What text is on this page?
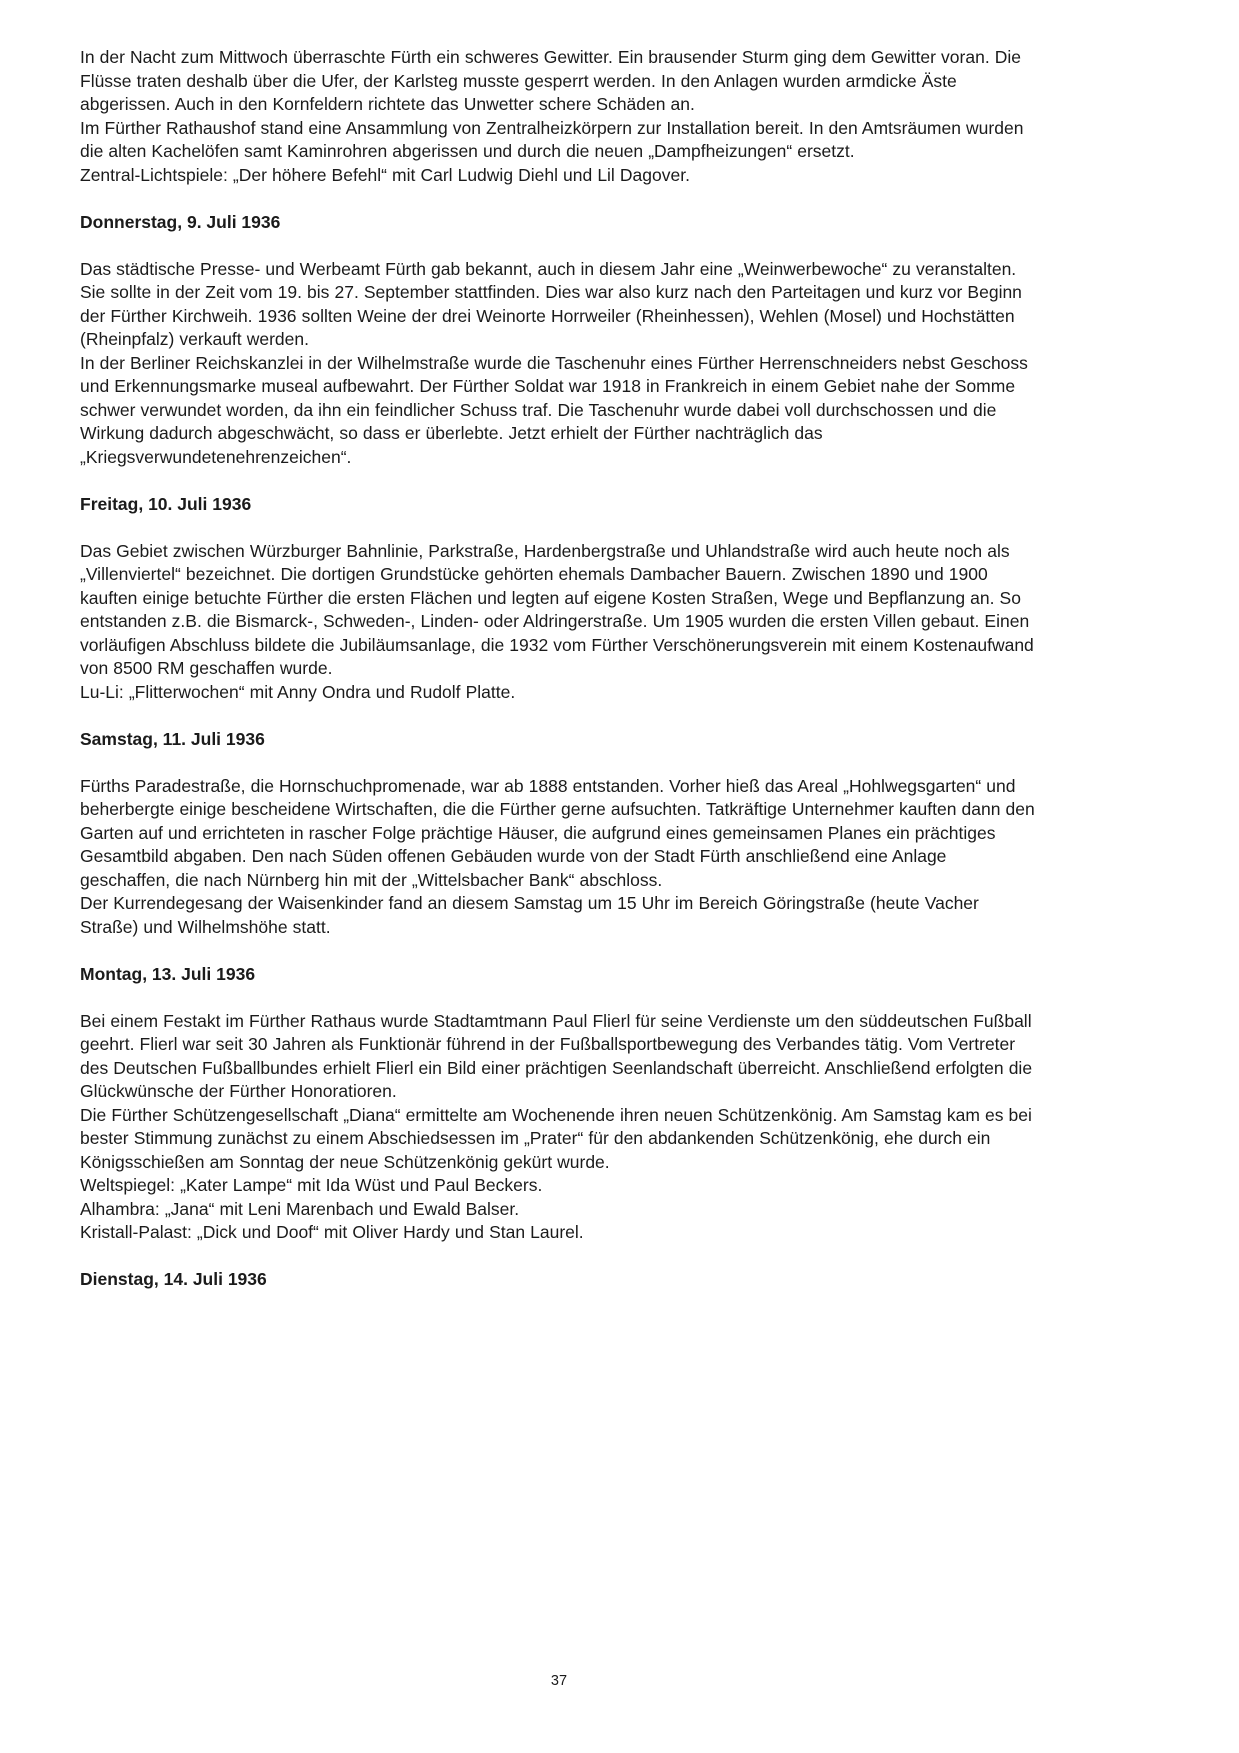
In der Nacht zum Mittwoch überraschte Fürth ein schweres Gewitter. Ein brausender Sturm ging dem Gewitter voran. Die Flüsse traten deshalb über die Ufer, der Karlsteg musste gesperrt werden. In den Anlagen wurden armdicke Äste abgerissen. Auch in den Kornfeldern richtete das Unwetter schere Schäden an.

Im Fürther Rathaushof stand eine Ansammlung von Zentralheizkörpern zur Installation bereit. In den Amtsräumen wurden die alten Kachelöfen samt Kaminrohren abgerissen und durch die neuen „Dampfheizungen“ ersetzt.

Zentral-Lichtspiele: „Der höhere Befehl“ mit Carl Ludwig Diehl und Lil Dagover.

Donnerstag, 9. Juli 1936

Das städtische Presse- und Werbeamt Fürth gab bekannt, auch in diesem Jahr eine „Weinwerbewoche“ zu veranstalten. Sie sollte in der Zeit vom 19. bis 27. September stattfinden. Dies war also kurz nach den Parteitagen und kurz vor Beginn der Fürther Kirchweih. 1936 sollten Weine der drei Weinorte Horrweiler (Rheinhessen), Wehlen (Mosel) und Hochstätten (Rheinpfalz) verkauft werden.

In der Berliner Reichskanzlei in der Wilhelmstraße wurde die Taschenuhr eines Fürther Herrenschneiders nebst Geschoss und Erkennungsmarke museal aufbewahrt. Der Fürther Soldat war 1918 in Frankreich in einem Gebiet nahe der Somme schwer verwundet worden, da ihn ein feindlicher Schuss traf. Die Taschenuhr wurde dabei voll durchschossen und die Wirkung dadurch abgeschwächt, so dass er überlebte. Jetzt erhielt der Fürther nachträglich das „Kriegsverwundetenehrenzeichen“.

Freitag, 10. Juli 1936

Das Gebiet zwischen Würzburger Bahnlinie, Parkstraße, Hardenbergstraße und Uhlandstraße wird auch heute noch als „Villenviertel“ bezeichnet. Die dortigen Grundstücke gehörten ehemals Dambacher Bauern. Zwischen 1890 und 1900 kauften einige betuchte Fürther die ersten Flächen und legten auf eigene Kosten Straßen, Wege und Bepflanzung an. So entstanden z.B. die Bismarck-, Schweden-, Linden- oder Aldringerstraße. Um 1905 wurden die ersten Villen gebaut. Einen vorläufigen Abschluss bildete die Jubiläumsanlage, die 1932 vom Fürther Verschönerungsverein mit einem Kostenaufwand von 8500 RM geschaffen wurde.

Lu-Li: „Flitterwochen“ mit Anny Ondra und Rudolf Platte.

Samstag, 11. Juli 1936

Fürths Paradestraße, die Hornschuchpromenade, war ab 1888 entstanden. Vorher hieß das Areal „Hohlwegsgarten“ und beherbergte einige bescheidene Wirtschaften, die die Fürther gerne aufsuchten. Tatkräftige Unternehmer kauften dann den Garten auf und errichteten in rascher Folge prächtige Häuser, die aufgrund eines gemeinsamen Planes ein prächtiges Gesamtbild abgaben. Den nach Süden offenen Gebäuden wurde von der Stadt Fürth anschließend eine Anlage geschaffen, die nach Nürnberg hin mit der „Wittelsbacher Bank“ abschloss.

Der Kurrendegesang der Waisenkinder fand an diesem Samstag um 15 Uhr im Bereich Göringstraße (heute Vacher Straße) und Wilhelmshöhe statt.

Montag, 13. Juli 1936

Bei einem Festakt im Fürther Rathaus wurde Stadtamtmann Paul Flierl für seine Verdienste um den süddeutschen Fußball geehrt. Flierl war seit 30 Jahren als Funktionär führend in der Fußballsportbewegung des Verbandes tätig. Vom Vertreter des Deutschen Fußballbundes erhielt Flierl ein Bild einer prächtigen Seenlandschaft überreicht. Anschließend erfolgten die Glückwünsche der Fürther Honoratioren.

Die Fürther Schützengesellschaft „Diana“ ermittelte am Wochenende ihren neuen Schützenkönig. Am Samstag kam es bei bester Stimmung zunächst zu einem Abschiedsessen im „Prater“ für den abdankenden Schützenkönig, ehe durch ein Königsschießen am Sonntag der neue Schützenkönig gekürt wurde.

Weltspiegel: „Kater Lampe“ mit Ida Wüst und Paul Beckers.

Alhambra: „Jana“ mit Leni Marenbach und Ewald Balser.

Kristall-Palast: „Dick und Doof“ mit Oliver Hardy und Stan Laurel.

Dienstag, 14. Juli 1936
37
